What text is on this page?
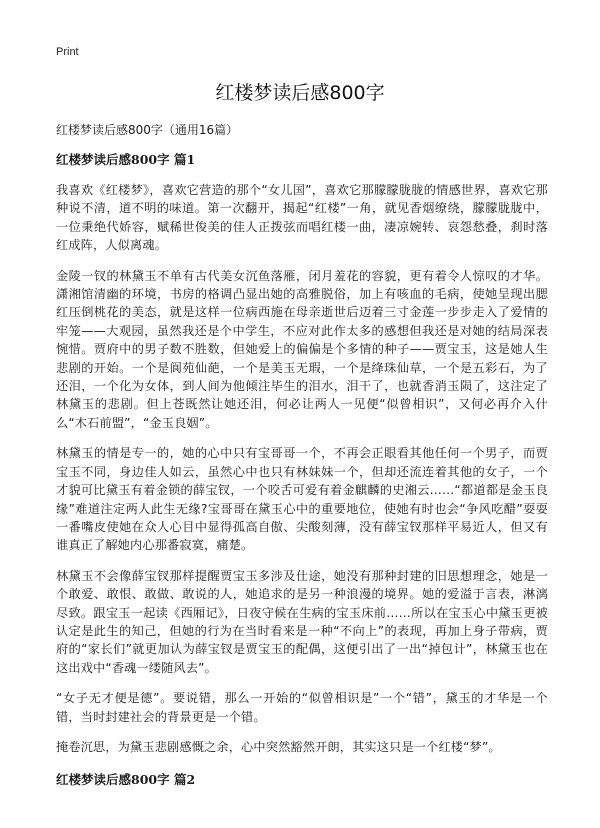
Print
红楼梦读后感800字

红楼梦读后感800字（通用16篇）

红楼梦读后感800字 篇1

我喜欢《红楼梦》，喜欢它营造的那个“女儿国”，喜欢它那朦朦胧胧的情感世界，喜欢它那种说不清，道不明的味道。第一次翻开，揭起“红楼”一角，就见香烟缭绕，朦朦胧胧中，一位秉绝代娇容，赋稀世俊美的佳人正拨弦而唱红楼一曲，凄凉婉转、哀怨愁叠，刹时落红成阵，人似离魂。

金陵一钗的林黛玉不单有古代美女沉鱼落雁，闭月羞花的容貌，更有着令人惊叹的才华。潇湘馆清幽的环境，书房的格调凸显出她的高雅脱俗，加上有咳血的毛病，使她呈现出腮红压倒桃花的美态，就是这样一位病西施在母亲逝世后迈着三寸金莲一步步走入了爱情的牢笼——大观园，虽然我还是个中学生，不应对此作太多的感想但我还是对她的结局深表惋惜。贾府中的男子数不胜数，但她爱上的偏偏是个多情的种子——贾宝玉，这是她人生悲剧的开始。一个是阆苑仙葩，一个是美玉无瑕，一个是绛珠仙草，一个是五彩石，为了还泪，一个化为女体，到人间为他倾注毕生的泪水，泪干了，也就香消玉陨了，这注定了林黛玉的悲剧。但上苍既然让她还泪，何必让两人一见便“似曾相识”，又何必再介入什么“木石前盟”，“金玉良姻”。

林黛玉的情是专一的，她的心中只有宝哥哥一个，不再会正眼看其他任何一个男子，而贾宝玉不同，身边佳人如云，虽然心中也只有林妹妹一个，但却还流连着其他的女子，一个才貌可比黛玉有着金锁的薛宝钗，一个咬舌可爱有着金麒麟的史湘云……“都道都是金玉良缘”难道注定两人此生无缘?宝哥哥在黛玉心中的重要地位，使她有时也会“争风吃醋”耍耍一番嘴皮使她在众人心目中显得孤高自傲、尖酸刻薄，没有薛宝钗那样平易近人，但又有谁真正了解她内心那番寂寞，痛楚。

林黛玉不会像薛宝钗那样提醒贾宝玉多涉及仕途，她没有那种封建的旧思想理念，她是一个敢爱、敢恨、敢做、敢说的人，她追求的是另一种浪漫的境界。她的爱溢于言表，淋漓尽致。跟宝玉一起读《西厢记》，日夜守候在生病的宝玉床前……所以在宝玉心中黛玉更被认定是此生的知己，但她的行为在当时看来是一种“不向上”的表现，再加上身子带病，贾府的“家长们”就更加认为薛宝钗是贾宝玉的配偶，这便引出了一出“掉包计”，林黛玉也在这出戏中“香魂一缕随风去”。

“女子无才便是德”。要说错，那么一开始的“似曾相识是”一个“错”，黛玉的才华是一个错，当时封建社会的背景更是一个错。

掩卷沉思，为黛玉悲剧感慨之余，心中突然豁然开朗，其实这只是一个红楼“梦”。

红楼梦读后感800字 篇2
